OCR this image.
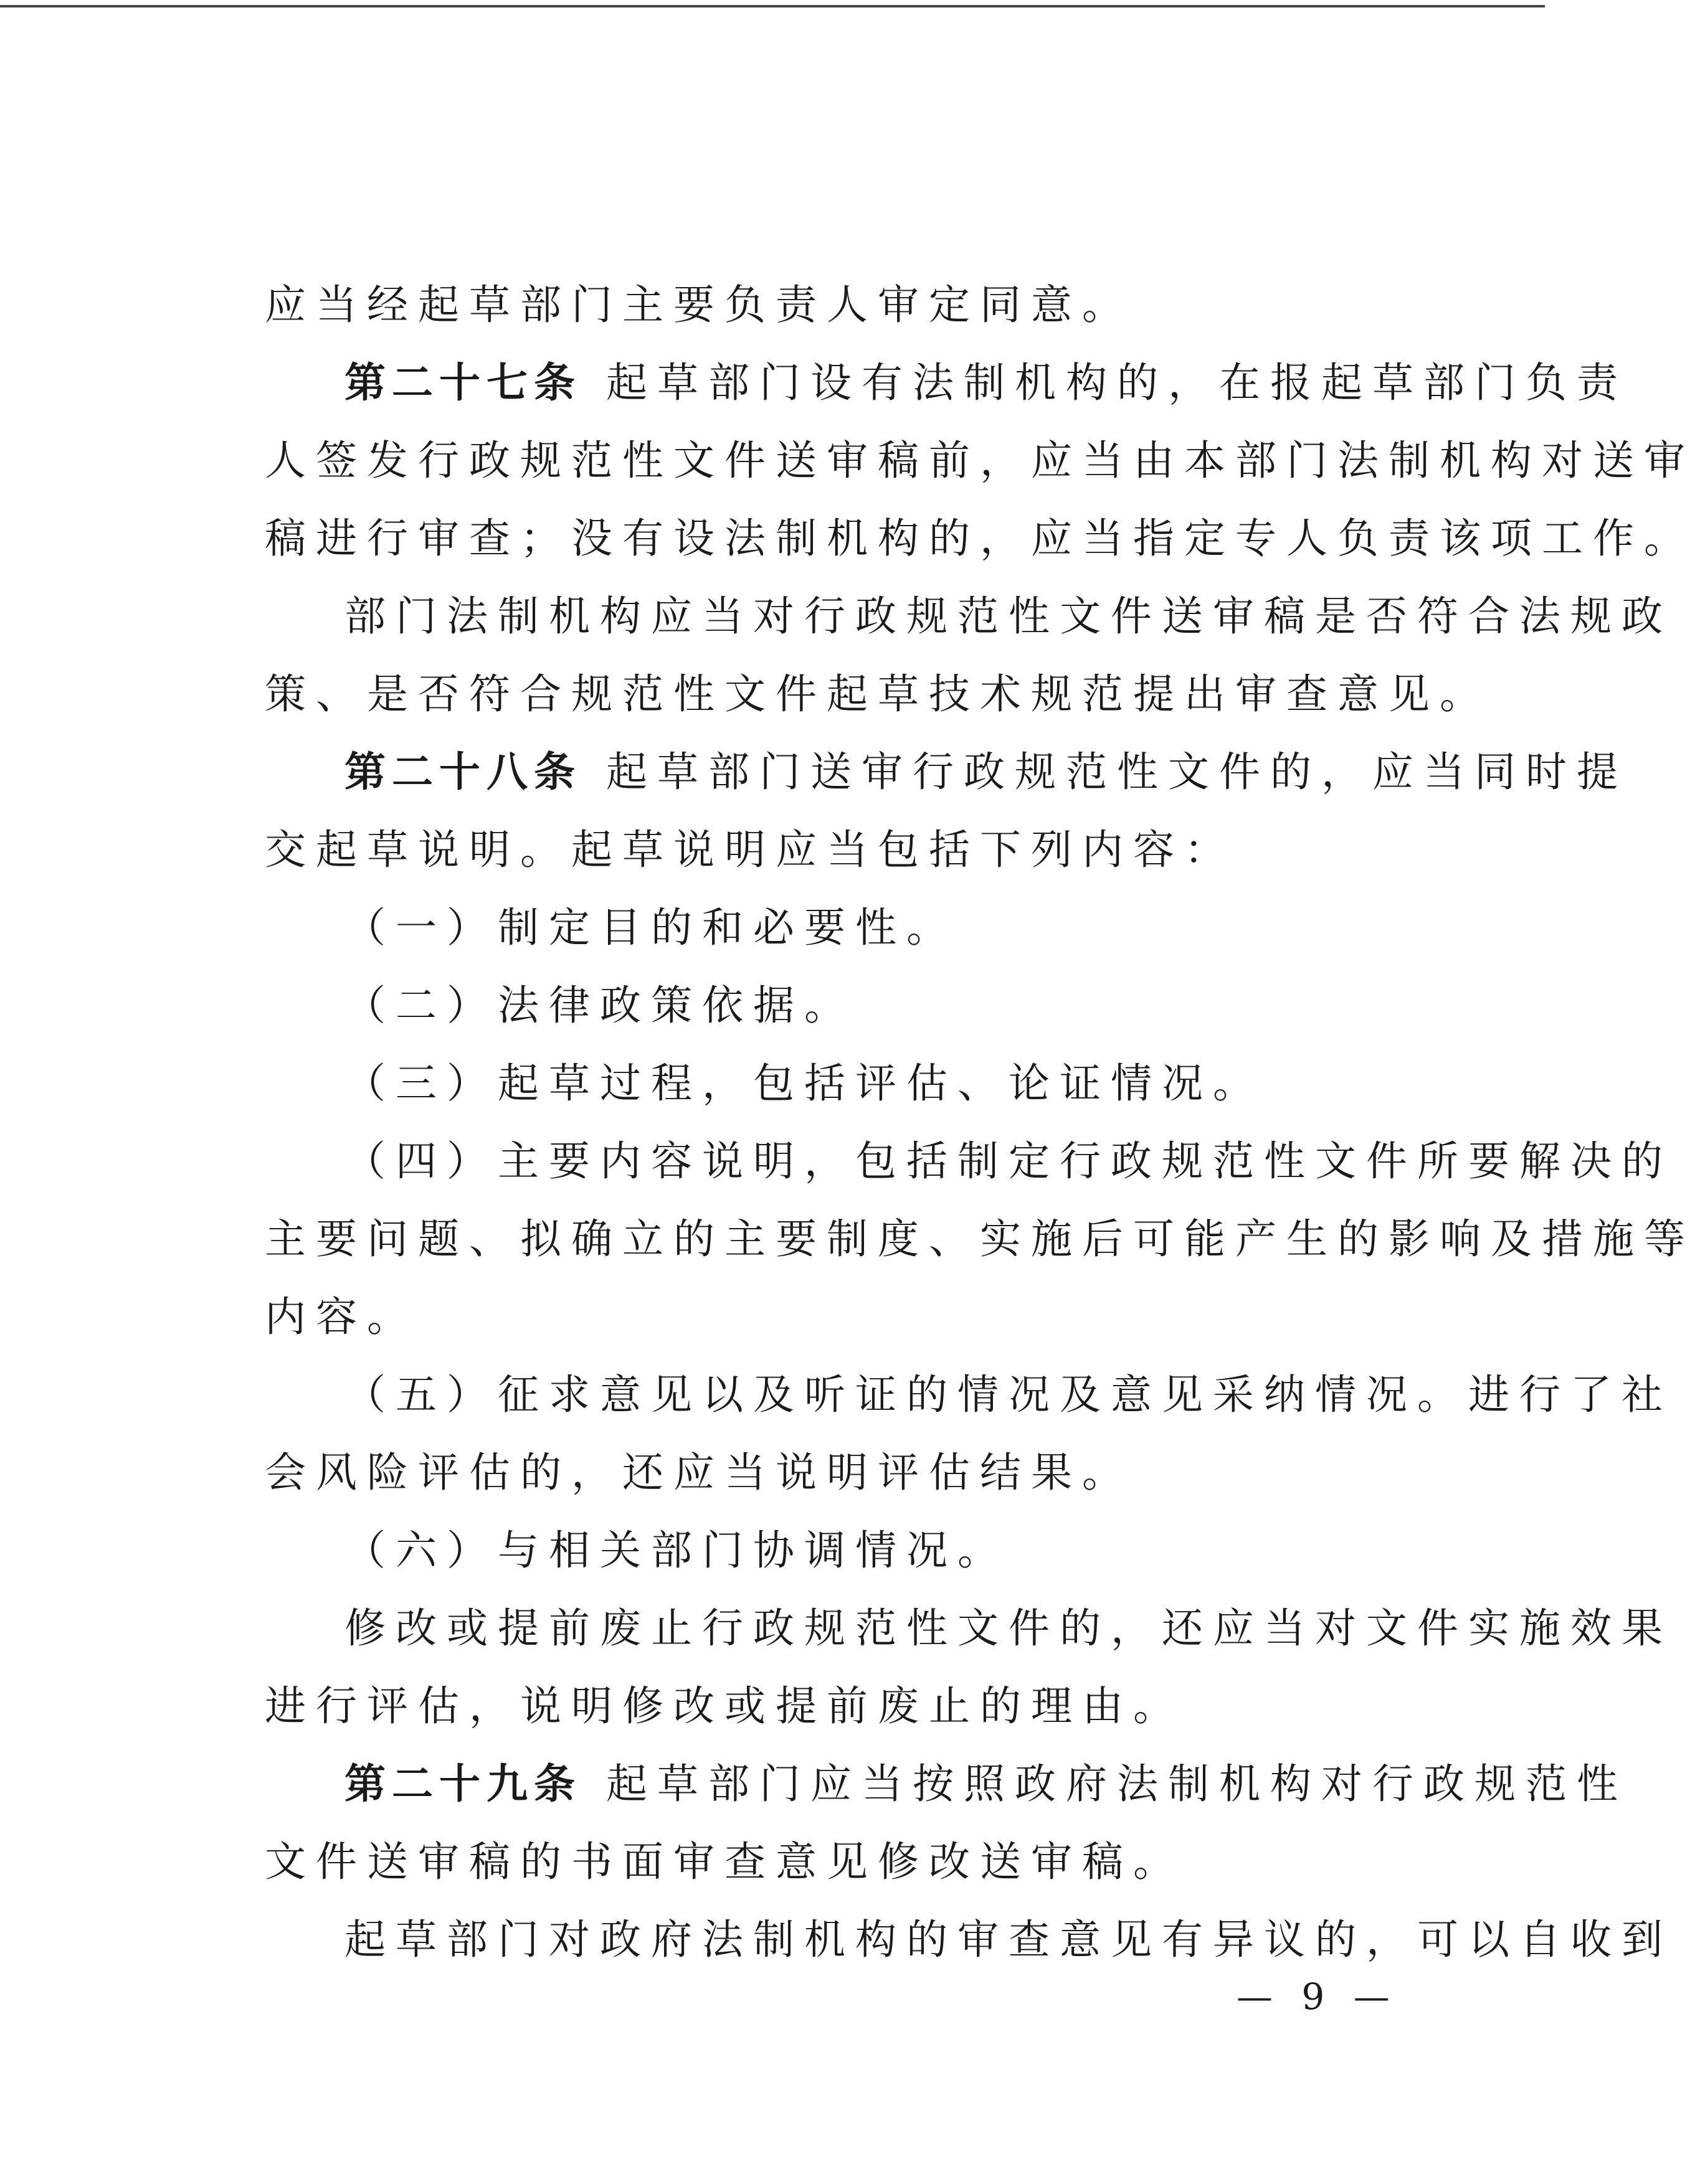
应当经起草部门主要负责人审定同意。
第二十七条 起草部门设有法制机构的，在报起草部门负责
人签发行政规范性文件送审稿前，应当由本部门法制机构对送审
稿进行审查；没有设法制机构的，应当指定专人负责该项工作。
部门法制机构应当对行政规范性文件送审稿是否符合法规政
策、是否符合规范性文件起草技术规范提出审查意见。
第二十八条 起草部门送审行政规范性文件的，应当同时提
交起草说明。起草说明应当包括下列内容：
（一）制定目的和必要性。
（二）法律政策依据。
（三）起草过程，包括评估、论证情况。
（四）主要内容说明，包括制定行政规范性文件所要解决的
主要问题、拟确立的主要制度、实施后可能产生的影响及措施等
内容。
（五）征求意见以及听证的情况及意见采纳情况。进行了社
会风险评估的，还应当说明评估结果。
（六）与相关部门协调情况。
修改或提前废止行政规范性文件的，还应当对文件实施效果
进行评估，说明修改或提前废止的理由。
第二十九条 起草部门应当按照政府法制机构对行政规范性
文件送审稿的书面审查意见修改送审稿。
起草部门对政府法制机构的审查意见有异议的，可以自收到
— 9 —
